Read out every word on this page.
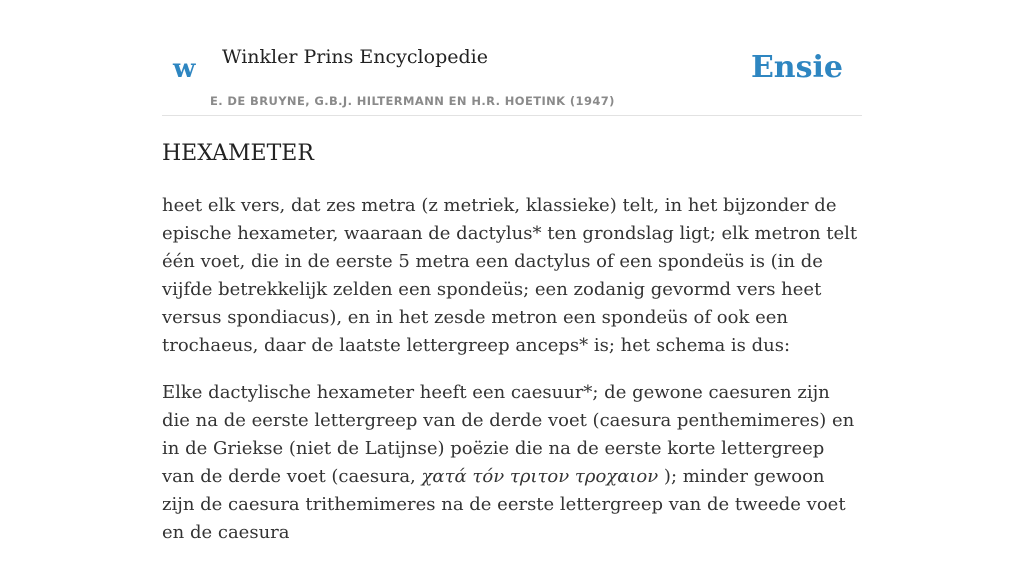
w Winkler Prins Encyclopedie
E. DE BRUYNE, G.B.J. HILTERMANN EN H.R. HOETINK (1947)
Ensie
HEXAMETER

heet elk vers, dat zes metra (z metriek, klassieke) telt, in het bijzonder de epische hexameter, waaraan de dactylus* ten grondslag ligt; elk metron telt één voet, die in de eerste 5 metra een dactylus of een spondeüs is (in de vijfde betrekkelijk zelden een spondeüs; een zodanig gevormd vers heet versus spondiacus), en in het zesde metron een spondeüs of ook een trochaeus, daar de laatste lettergreep anceps* is; het schema is dus:

Elke dactylische hexameter heeft een caesuur*; de gewone caesuren zijn die na de eerste lettergreep van de derde voet (caesura penthemimeres) en in de Griekse (niet de Latijnse) poëzie die na de eerste korte lettergreep van de derde voet (caesura, χατά τόν τριτον τροχαιον ); minder gewoon zijn de caesura trithemimeres na de eerste lettergreep van de tweede voet en de caesura
